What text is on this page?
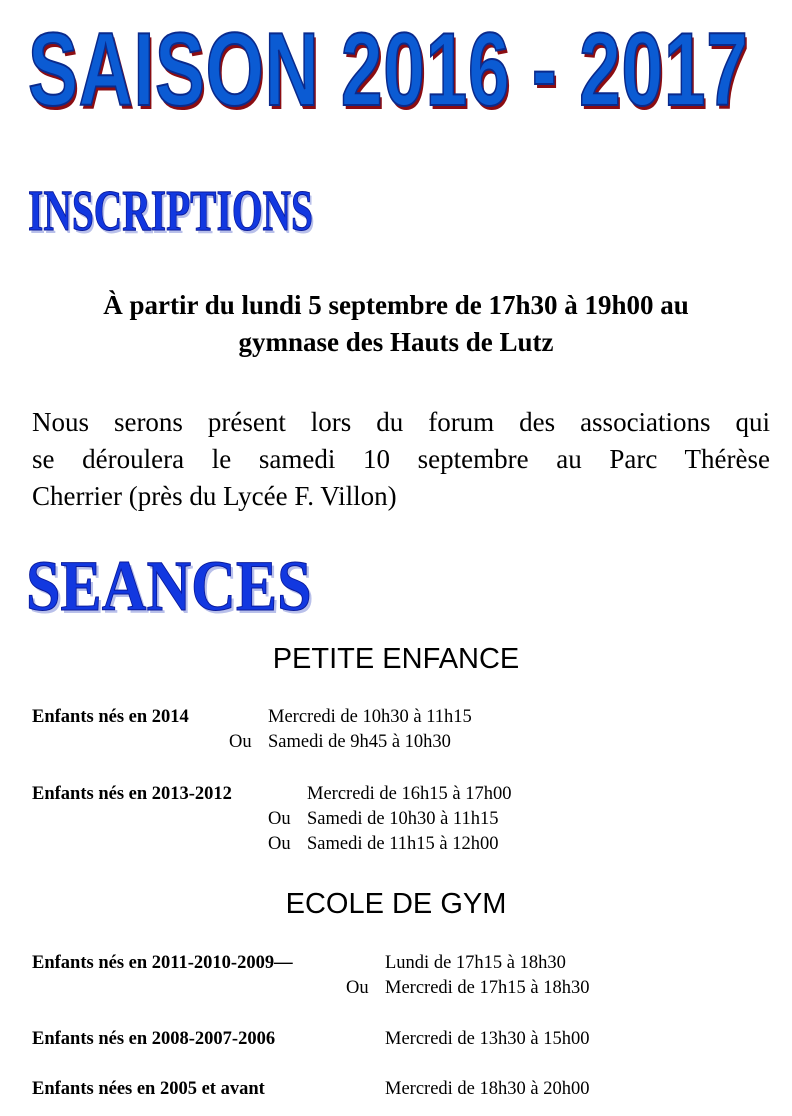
SAISON 2016 - 2017
INSCRIPTIONS
À partir du lundi 5 septembre de 17h30 à 19h00 au
gymnase des Hauts de Lutz
Nous serons présent lors du forum des associations qui
se déroulera le samedi 10 septembre au Parc Thérèse
Cherrier (près du Lycée F. Villon)
SEANCES
PETITE ENFANCE
Enfants nés en 2014	Mercredi de 10h30 à 11h15
Ou Samedi de 9h45 à 10h30
Enfants nés en 2013-2012	Mercredi de 16h15 à 17h00
Ou Samedi de 10h30 à 11h15
Ou Samedi de 11h15 à 12h00
ECOLE DE GYM
Enfants nés en 2011-2010-2009—	Lundi de 17h15 à 18h30
Ou Mercredi de 17h15 à 18h30
Enfants nés en 2008-2007-2006	Mercredi de 13h30 à 15h00
Enfants nées en 2005 et avant	Mercredi de 18h30 à 20h00
